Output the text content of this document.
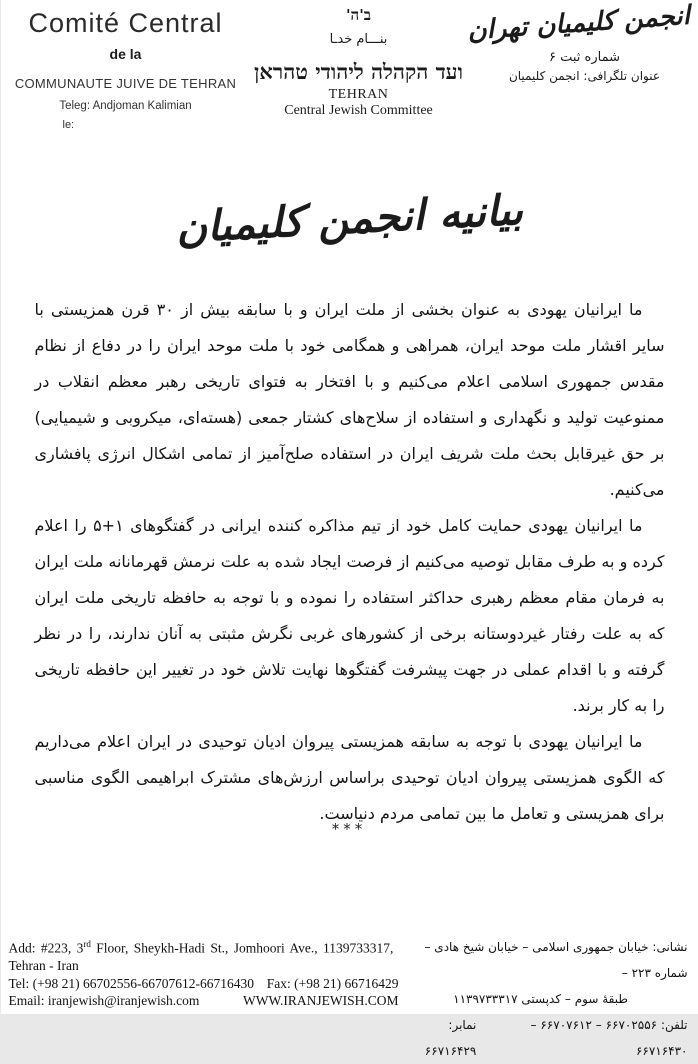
Comité Central
de la
COMMUNAUTE JUIVE DE TEHRAN
Teleg: Andjoman Kalimian
le:
ב'ה'
بنـــام خدـا
ועד הקהלה ליהודי טהראן
TEHRAN
Central Jewish Committee
انجمن کلیمیان تهران
شماره ثبت ۶
عنوان تلگرافی: انجمن کلیمیان
بیانیه انجمن کلیمیان

ما ایرانیان یهودی به عنوان بخشی از ملت ایران و با سابقه بیش از ۳۰ قرن همزیستی با سایر اقشار ملت موحد ایران، همراهی و همگامی خود با ملت موحد ایران را در دفاع از نظام مقدس جمهوری اسلامی اعلام می‌کنیم و با افتخار به فتوای تاریخی رهبر معظم انقلاب در ممنوعیت تولید و نگهداری و استفاده از سلاح‌های کشتار جمعی (هسته‌ای، میکروبی و شیمیایی) بر حق غیرقابل بحث ملت شریف ایران در استفاده صلح‌آمیز از تمامی اشکال انرژی پافشاری می‌کنیم.

ما ایرانیان یهودی حمایت کامل خود از تیم مذاکره کننده ایرانی در گفتگوهای ۱+۵ را اعلام کرده و به طرف مقابل توصیه می‌کنیم از فرصت ایجاد شده به علت نرمش قهرمانانه ملت ایران به فرمان مقام معظم رهبری حداکثر استفاده را نموده و با توجه به حافظه تاریخی ملت ایران که به علت رفتار غیردوستانه برخی از کشورهای غربی نگرش مثبتی به آنان ندارند، را در نظر گرفته و با اقدام عملی در جهت پیشرفت گفتگوها نهایت تلاش خود در تغییر این حافظه تاریخی را به کار برند.

ما ایرانیان یهودی با توجه به سابقه همزیستی پیروان ادیان توحیدی در ایران اعلام می‌داریم که الگوی همزیستی پیروان ادیان توحیدی براساس ارزش‌های مشترک ابراهیمی الگوی مناسبی برای همزیستی و تعامل ما بین تمامی مردم دنیاست.

***

Add: #223, 3rd Floor, Sheykh-Hadi St., Jomhoori Ave., 1139733317,

Tehran - Iran

Tel: (+98 21) 66702556-66707612-66716430 Fax: (+98 21) 66716429

Email: iranjewish@iranjewish.com	WWW.IRANJEWISH.COM

نشانی: خیابان جمهوری اسلامی – خیابان شیخ هادی – شماره ۲۲۳ –

طبقهٔ سوم – کدپستی ۱۱۳۹۷۳۳۳۱۷

تلفن: ۶۶۷۰۲۵۵۶ – ۶۶۷۰۷۶۱۲ – ۶۶۷۱۶۴۳۰
نمابر: ۶۶۷۱۶۴۲۹
